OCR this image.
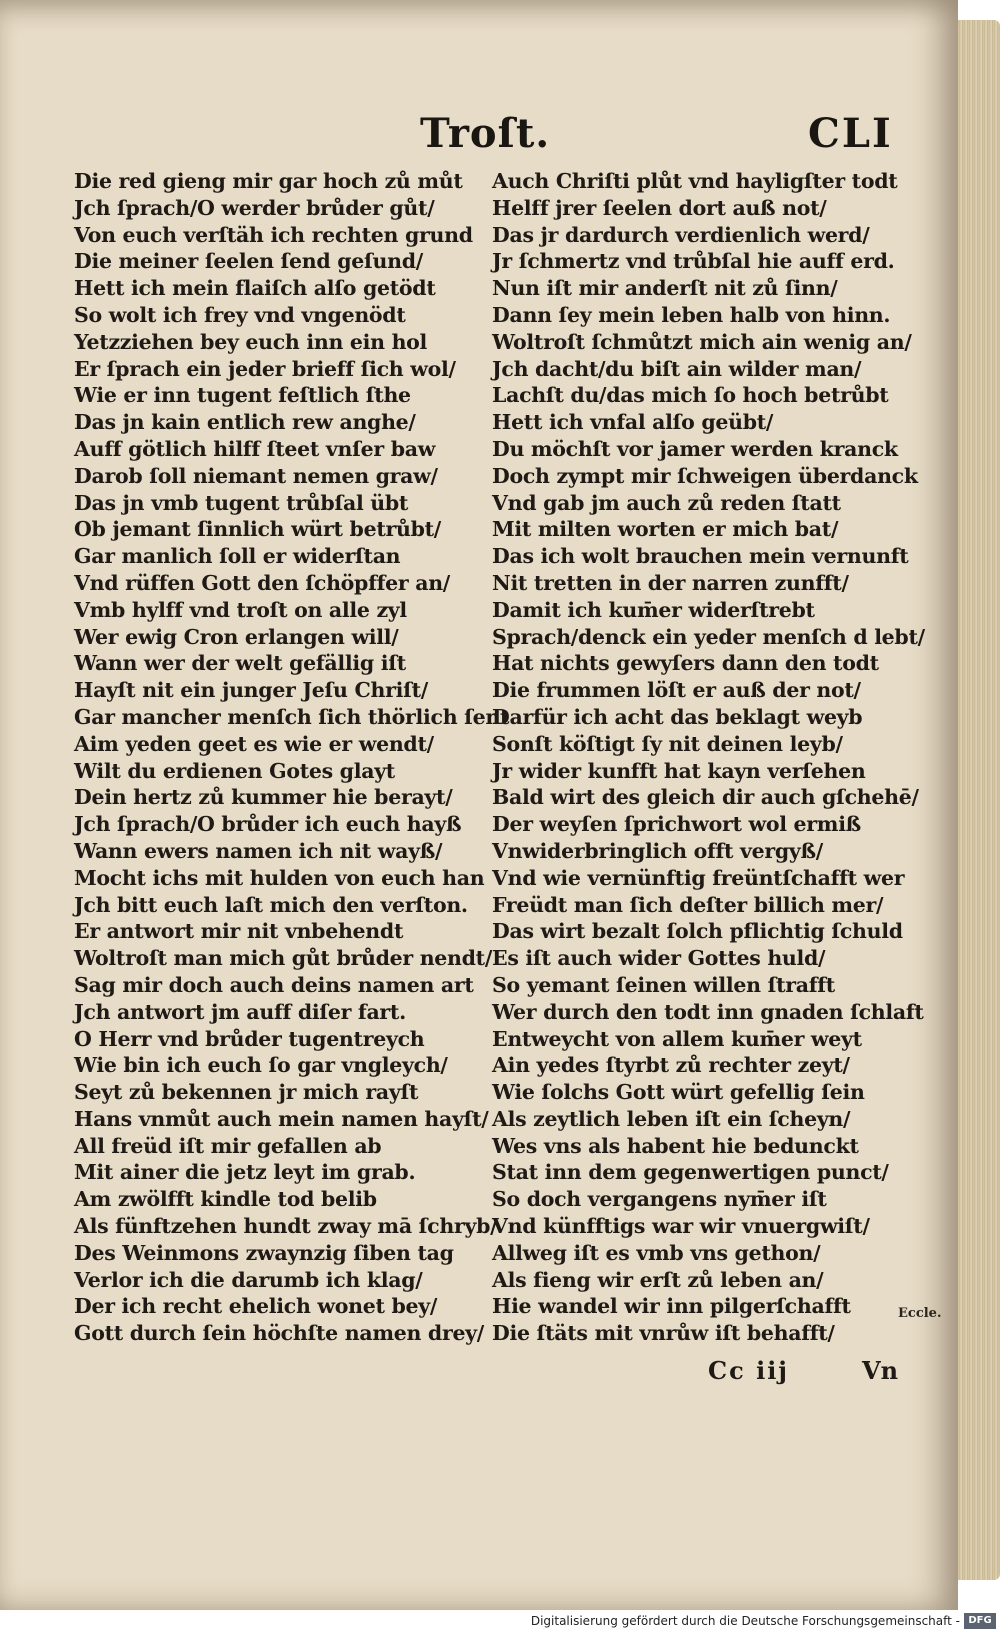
Troſt.	CLI
Die red gieng mir gar hoch zů můt
Jch ſprach/O werder brůder gůt/
Von euch verſtäh ich rechten grund
Die meiner ſeelen ſend geſund/
Hett ich mein flaiſch alſo getödt
So wolt ich frey vnd vngenödt
Yetzziehen bey euch inn ein hol
Er ſprach ein jeder brieff ſich wol/
Wie er inn tugent feſtlich ſthe
Das jn kain entlich rew anghe/
Auff götlich hilff ſteet vnſer baw
Darob ſoll niemant nemen graw/
Das jn vmb tugent trůbſal übt
Ob jemant ſinnlich würt betrůbt/
Gar manlich ſoll er widerſtan
Vnd rüffen Gott den ſchöpffer an/
Vmb hylff vnd troſt on alle zyl
Wer ewig Cron erlangen will/
Wann wer der welt gefällig iſt
Hayſt nit ein junger Jeſu Chriſt/
Gar mancher menſch ſich thörlich ſent
Aim yeden geet es wie er wendt/
Wilt du erdienen Gotes glayt
Dein hertz zů kummer hie berayt/
Jch ſprach/O brůder ich euch hayß
Wann ewers namen ich nit wayß/
Mocht ichs mit hulden von euch han
Jch bitt euch laſt mich den verſton.
Er antwort mir nit vnbehendt
Woltroſt man mich gůt brůder nendt/
Sag mir doch auch deins namen art
Jch antwort jm auff diſer fart.
O Herr vnd brůder tugentreych
Wie bin ich euch ſo gar vngleych/
Seyt zů bekennen jr mich rayſt
Hans vnmůt auch mein namen hayſt/
All freüd iſt mir gefallen ab
Mit ainer die jetz leyt im grab.
Am zwölfft kindle tod belib
Als fünftzehen hundt zway mā ſchryb/
Des Weinmons zwaynzig ſiben tag
Verlor ich die darumb ich klag/
Der ich recht ehelich wonet bey/
Gott durch ſein höchſte namen drey/
Auch Chriſti plůt vnd hayligſter todt
Helff jrer ſeelen dort auß not/
Das jr dardurch verdienlich werd/
Jr ſchmertz vnd trůbſal hie auff erd.
Nun iſt mir anderſt nit zů ſinn/
Dann ſey mein leben halb von hinn.
Woltroſt ſchmůtzt mich ain wenig an/
Jch dacht/du biſt ain wilder man/
Lachſt du/das mich ſo hoch betrůbt
Hett ich vnfal alſo geübt/
Du möchſt vor jamer werden kranck
Doch zympt mir ſchweigen überdanck
Vnd gab jm auch zů reden ſtatt
Mit milten worten er mich bat/
Das ich wolt brauchen mein vernunft
Nit tretten in der narren zunfft/
Damit ich kum̄er widerſtrebt
Sprach/denck ein yeder menſch d lebt/
Hat nichts gewyſers dann den todt
Die frummen löſt er auß der not/
Darfür ich acht das beklagt weyb
Sonſt köſtigt ſy nit deinen leyb/
Jr wider kunfft hat kayn verſehen
Bald wirt des gleich dir auch gſchehē/
Der weyſen ſprichwort wol ermiß
Vnwiderbringlich offt vergyß/
Vnd wie vernünftig freüntſchafft wer
Freüdt man ſich deſter billich mer/
Das wirt bezalt ſolch pflichtig ſchuld
Es iſt auch wider Gottes huld/
So yemant ſeinen willen ſtrafft
Wer durch den todt inn gnaden ſchlaft
Entweycht von allem kum̄er weyt
Ain yedes ſtyrbt zů rechter zeyt/
Wie ſolchs Gott würt gefellig ſein
Als zeytlich leben iſt ein ſcheyn/
Wes vns als habent hie bedunckt
Stat inn dem gegenwertigen punct/
So doch vergangens nym̄er iſt
Vnd künfftigs war wir vnuergwiſt/
Allweg iſt es vmb vns gethon/
Als fieng wir erſt zů leben an/
Hie wandel wir inn pilgerſchafft
Die ſtäts mit vnrůw iſt behafft/
Eccle.
Cc iij	Vn
Digitalisierung gefördert durch die Deutsche Forschungsgemeinschaft - DFG
